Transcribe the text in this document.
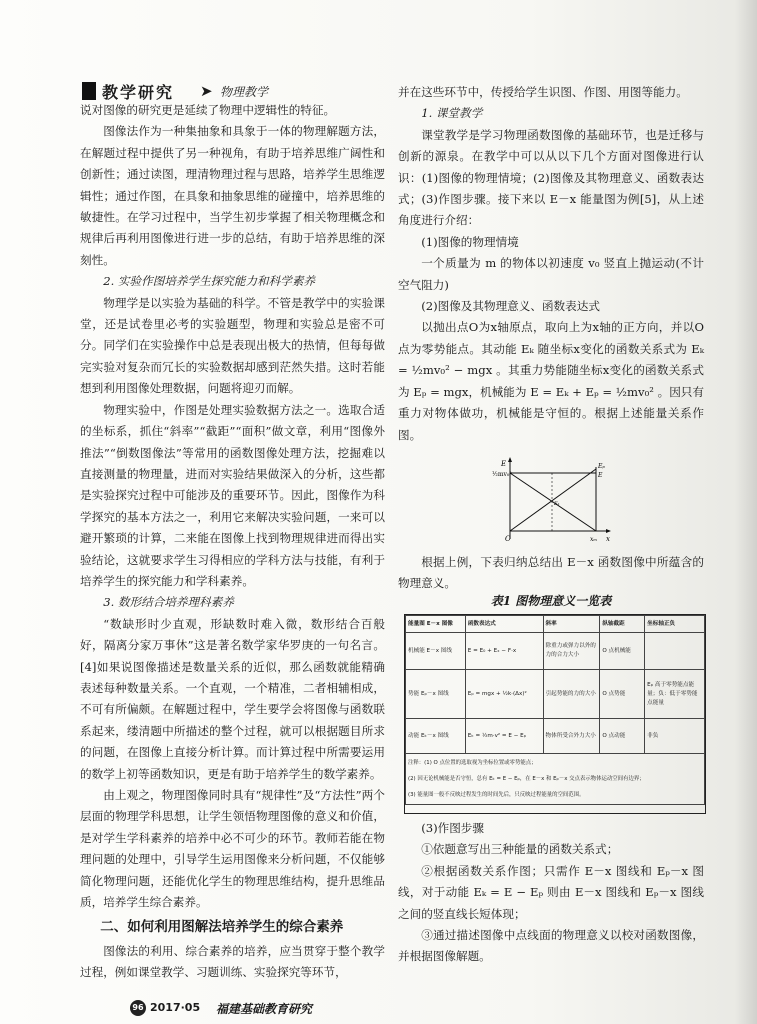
教学研究 ➤ 物理教学

说对图像的研究更是延续了物理中逻辑性的特征。

图像法作为一种集抽象和具象于一体的物理解题方法，在解题过程中提供了另一种视角，有助于培养思维广阔性和创新性；通过读图，理清物理过程与思路，培养学生思维逻辑性；通过作图，在具象和抽象思维的碰撞中，培养思维的敏捷性。在学习过程中，当学生初步掌握了相关物理概念和规律后再利用图像进行进一步的总结，有助于培养思维的深刻性。

2. 实验作图培养学生探究能力和科学素养

物理学是以实验为基础的科学。不管是教学中的实验课堂，还是试卷里必考的实验题型，物理和实验总是密不可分。同学们在实验操作中总是表现出极大的热情，但每每做完实验对复杂而冗长的实验数据却感到茫然失措。这时若能想到利用图像处理数据，问题将迎刃而解。

物理实验中，作图是处理实验数据方法之一。选取合适的坐标系，抓住“斜率”“截距”“面积”做文章，利用“图像外推法”“倒数图像法”等常用的函数图像处理方法，挖掘难以直接测量的物理量，进而对实验结果做深入的分析，这些都是实验探究过程中可能涉及的重要环节。因此，图像作为科学探究的基本方法之一，利用它来解决实验问题，一来可以避开繁琐的计算，二来能在图像上找到物理规律进而得出实验结论，这就要求学生习得相应的学科方法与技能，有利于培养学生的探究能力和学科素养。

3. 数形结合培养理科素养

“数缺形时少直观，形缺数时难入微，数形结合百般好，隔离分家万事休”这是著名数学家华罗庚的一句名言。[4]如果说图像描述是数量关系的近似，那么函数就能精确表述每种数量关系。一个直观，一个精准，二者相辅相成，不可有所偏颇。在解题过程中，学生要学会将图像与函数联系起来，缕清题中所描述的整个过程，就可以根据题目所求的问题，在图像上直接分析计算。而计算过程中所需要运用的数学上初等函数知识，更是有助于培养学生的数学素养。

由上观之，物理图像同时具有“规律性”及“方法性”两个层面的物理学科思想，让学生领悟物理图像的意义和价值，是对学生学科素养的培养中必不可少的环节。教师若能在物理问题的处理中，引导学生运用图像来分析问题，不仅能够简化物理问题，还能优化学生的物理思维结构，提升思维品质，培养学生综合素养。

二、如何利用图解法培养学生的综合素养

图像法的利用、综合素养的培养，应当贯穿于整个教学过程，例如课堂教学、习题训练、实验探究等环节，

并在这些环节中，传授给学生识图、作图、用图等能力。

1. 课堂教学

课堂教学是学习物理函数图像的基础环节，也是迁移与创新的源泉。在教学中可以从以下几个方面对图像进行认识：(1)图像的物理情境；(2)图像及其物理意义、函数表达式；(3)作图步骤。接下来以 E－x 能量图为例[5]，从上述角度进行介绍：

(1)图像的物理情境

一个质量为 m 的物体以初速度 v₀ 竖直上抛运动(不计空气阻力)

(2)图像及其物理意义、函数表达式

以抛出点O为x轴原点，取向上为x轴的正方向，并以O点为零势能点。其动能 Eₖ 随坐标x变化的函数关系式为 Eₖ = ½mv₀² − mgx 。其重力势能随坐标x变化的函数关系式为 Eₚ = mgx，机械能为 E = Eₖ + Eₚ = ½mv₀² 。因只有重力对物体做功，机械能是守恒的。根据上述能量关系作图。

E
½mv₀²
Eₚ
E
O	xₘ x
Eₖ

根据上例，下表归纳总结出 E－x 函数图像中所蕴含的物理意义。

表1 图物理意义一览表
能量图 E－x 图像	函数表达式	斜率	纵轴截距	坐标轴正负
机械能 E－x 图线	E = E₀ + Eₓ − F·x	除重力或弹力以外的力的合力大小	O 点机械能	
势能 Eₚ－x 图线	Eₚ = mgx + ½k·(Δx)²	引起势能的力的大小	O 点势能	Eₚ 高于零势能点能量；负：低于零势能点能量
动能 Eₖ－x 图线	Eₖ = ½m·v² = E − Eₚ	物体所受合外力大小	O 点动能	非负

注释：(1) O 点位置的选取视为坐标位置或零势能点；
(2) 因无论机械能是否守恒，总有 Eₖ = E − Eₚ，在 E－x 和 Eₚ－x 交点表示物体运动空间有边界；
(3) 能量图一般不反映过程发生的时间先后，只反映过程能量的空间范围。				

(3)作图步骤

①依题意写出三种能量的函数关系式；

②根据函数关系作图；只需作 E－x 图线和 Eₚ－x 图线，对于动能 Eₖ = E − Eₚ 则由 E－x 图线和 Eₚ－x 图线之间的竖直线长短体现；

③通过描述图像中点线面的物理意义以校对函数图像，并根据图像解题。

96 2017·05 福建基础教育研究
